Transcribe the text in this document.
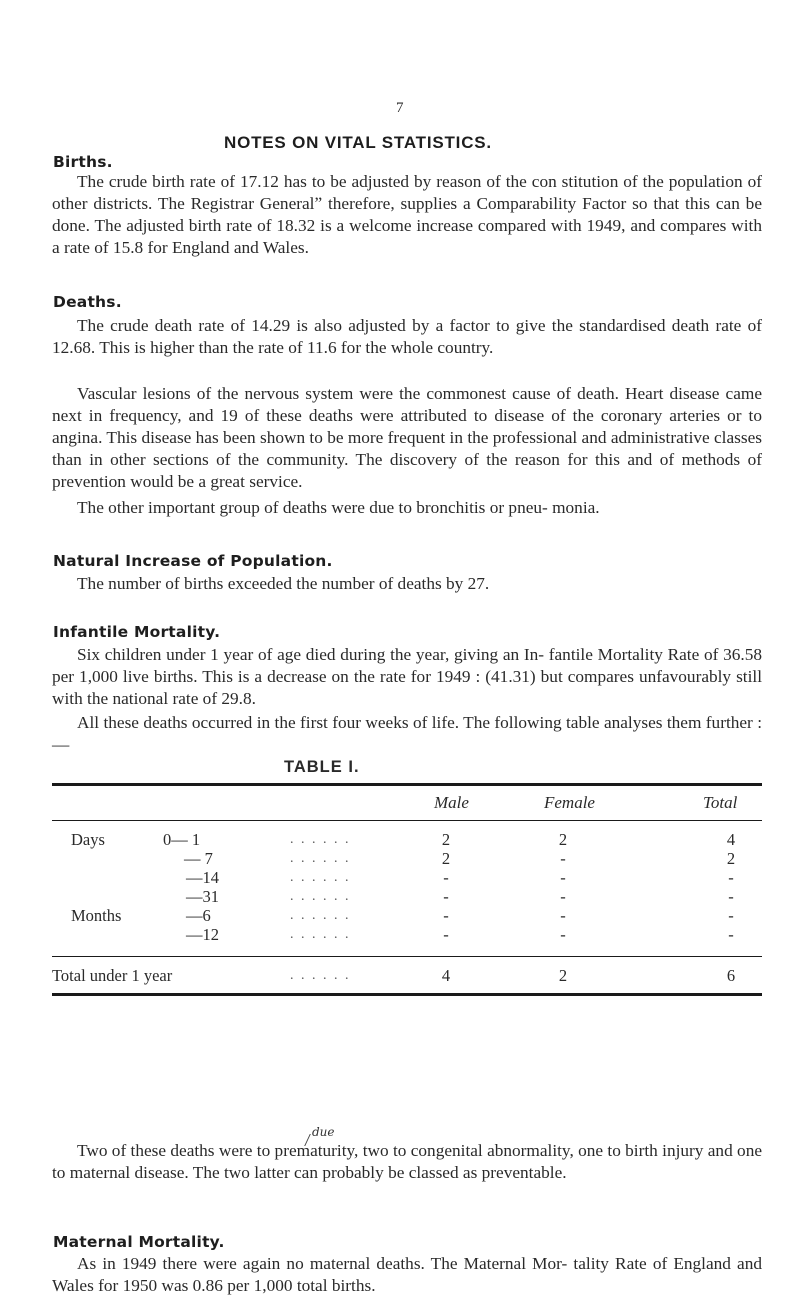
7
NOTES ON VITAL STATISTICS.
Births.

The crude birth rate of 17.12 has to be adjusted by reason of the con stitution of the population of other districts. The Registrar Generalˮ therefore, supplies a Comparability Factor so that this can be done. The adjusted birth rate of 18.32 is a welcome increase compared with 1949, and compares with a rate of 15.8 for England and Wales.

Deaths.

The crude death rate of 14.29 is also adjusted by a factor to give the standardised death rate of 12.68. This is higher than the rate of 11.6 for the whole country.

Vascular lesions of the nervous system were the commonest cause of death. Heart disease came next in frequency, and 19 of these deaths were attributed to disease of the coronary arteries or to angina. This disease has been shown to be more frequent in the professional and administrative classes than in other sections of the community. The discovery of the reason for this and of methods of prevention would be a great service.

The other important group of deaths were due to bronchitis or pneu- monia.

Natural Increase of Population.

The number of births exceeded the number of deaths by 27.

Infantile Mortality.

Six children under 1 year of age died during the year, giving an In- fantile Mortality Rate of 36.58 per 1,000 live births. This is a decrease on the rate for 1949 : (41.31) but compares unfavourably still with the national rate of 29.8.

All these deaths occurred in the first four weeks of life. The following table analyses them further :—

TABLE I.
Male	Female	Total
Days	0— 1	. . . . . .	2	2	4
— 7	. . . . . .	2	-	2
—14	. . . . . .	-	-	-
—31	. . . . . .	-	-	-
Months	—6	. . . . . .	-	-	-
—12	. . . . . .	-	-	-
Total under 1 year	. . . . . .	4	2	6
due

Two of these deaths were to prematurity, two to congenital abnormality, one to birth injury and one to maternal disease. The two latter can probably be classed as preventable.

Maternal Mortality.

As in 1949 there were again no maternal deaths. The Maternal Mor- tality Rate of England and Wales for 1950 was 0.86 per 1,000 total births.
